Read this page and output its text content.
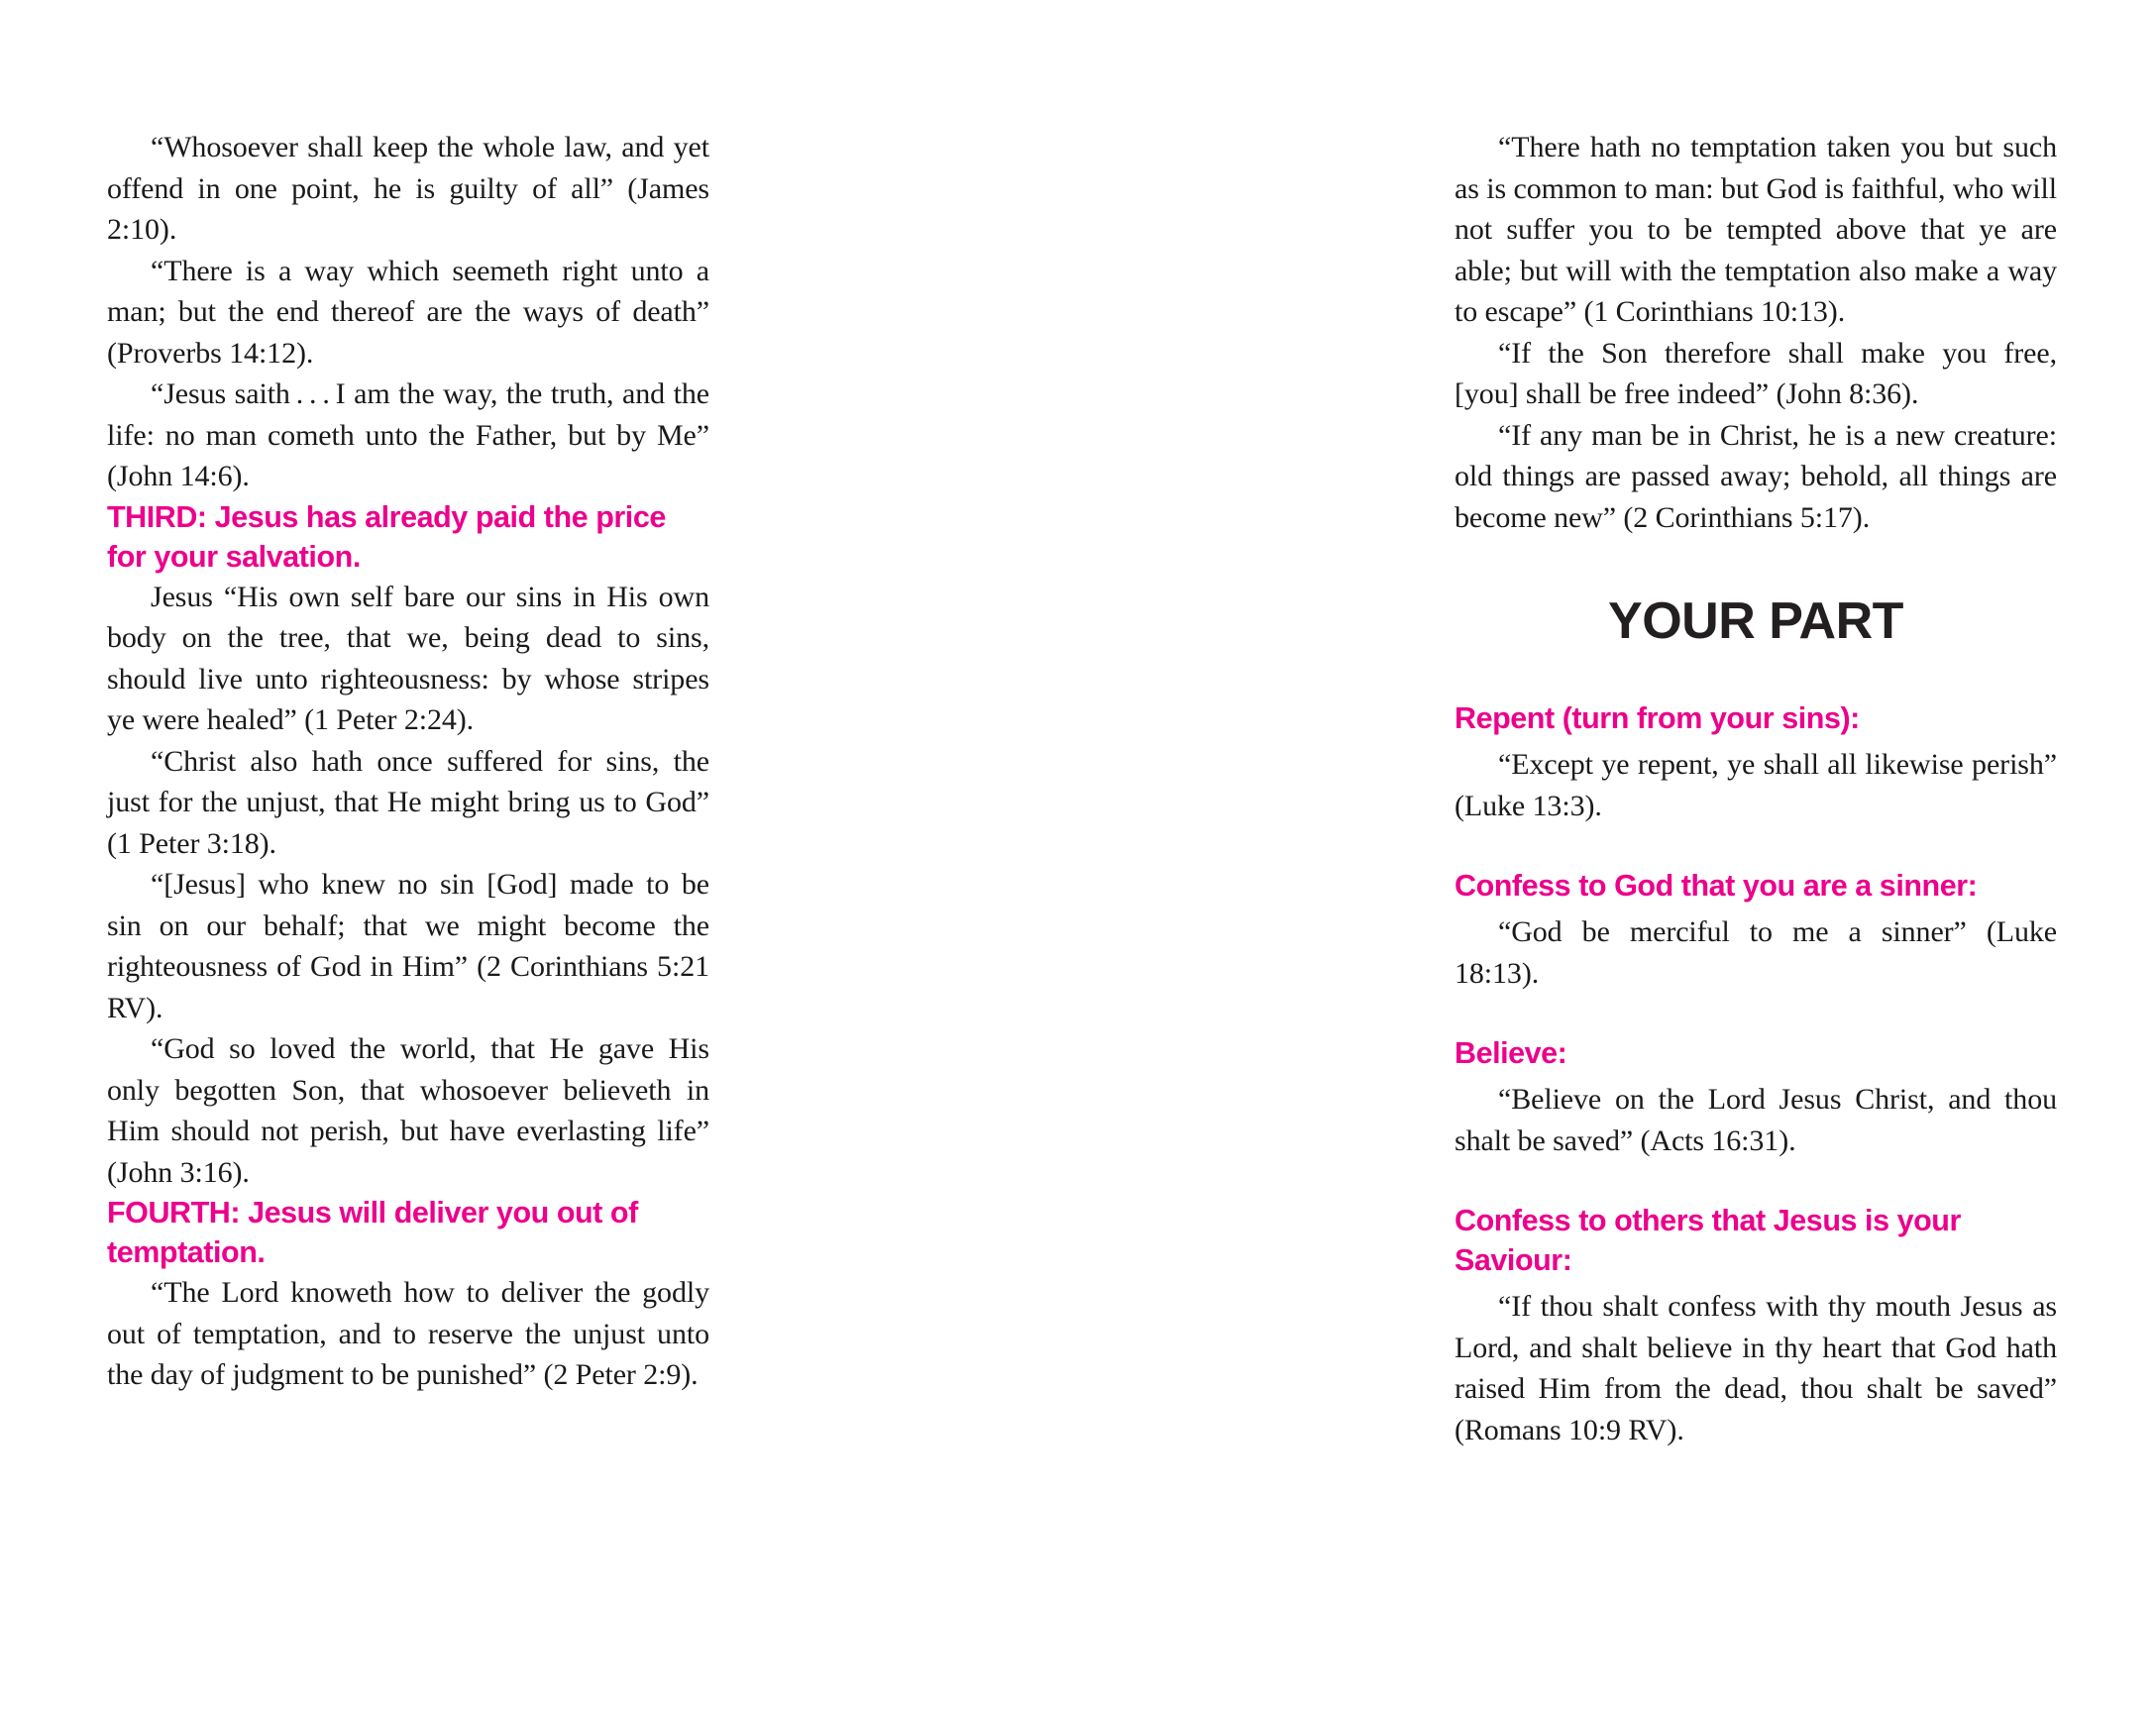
“Whosoever shall keep the whole law, and yet offend in one point, he is guilty of all” (James 2:10).

“There is a way which seemeth right unto a man; but the end thereof are the ways of death” (Proverbs 14:12).

“Jesus saith . . . I am the way, the truth, and the life: no man cometh unto the Father, but by Me” (John 14:6).

THIRD: Jesus has already paid the price for your salvation.

Jesus “His own self bare our sins in His own body on the tree, that we, being dead to sins, should live unto righteousness: by whose stripes ye were healed” (1 Peter 2:24).

“Christ also hath once suffered for sins, the just for the unjust, that He might bring us to God” (1 Peter 3:18).

“[Jesus] who knew no sin [God] made to be sin on our behalf; that we might become the righteousness of God in Him” (2 Corinthians 5:21 RV).

“God so loved the world, that He gave His only begotten Son, that whosoever believeth in Him should not perish, but have everlasting life” (John 3:16).

FOURTH: Jesus will deliver you out of temptation.

“The Lord knoweth how to deliver the godly out of temptation, and to reserve the unjust unto the day of judgment to be punished” (2 Peter 2:9).

“There hath no temptation taken you but such as is common to man: but God is faithful, who will not suffer you to be tempted above that ye are able; but will with the temptation also make a way to escape” (1 Corinthians 10:13).

“If the Son therefore shall make you free, [you] shall be free indeed” (John 8:36).

“If any man be in Christ, he is a new creature: old things are passed away; behold, all things are become new” (2 Corinthians 5:17).

YOUR PART
Repent (turn from your sins):

“Except ye repent, ye shall all likewise perish” (Luke 13:3).

Confess to God that you are a sinner:

“God be merciful to me a sinner” (Luke 18:13).

Believe:

“Believe on the Lord Jesus Christ, and thou shalt be saved” (Acts 16:31).

Confess to others that Jesus is your Saviour:

“If thou shalt confess with thy mouth Jesus as Lord, and shalt believe in thy heart that God hath raised Him from the dead, thou shalt be saved” (Romans 10:9 RV).
